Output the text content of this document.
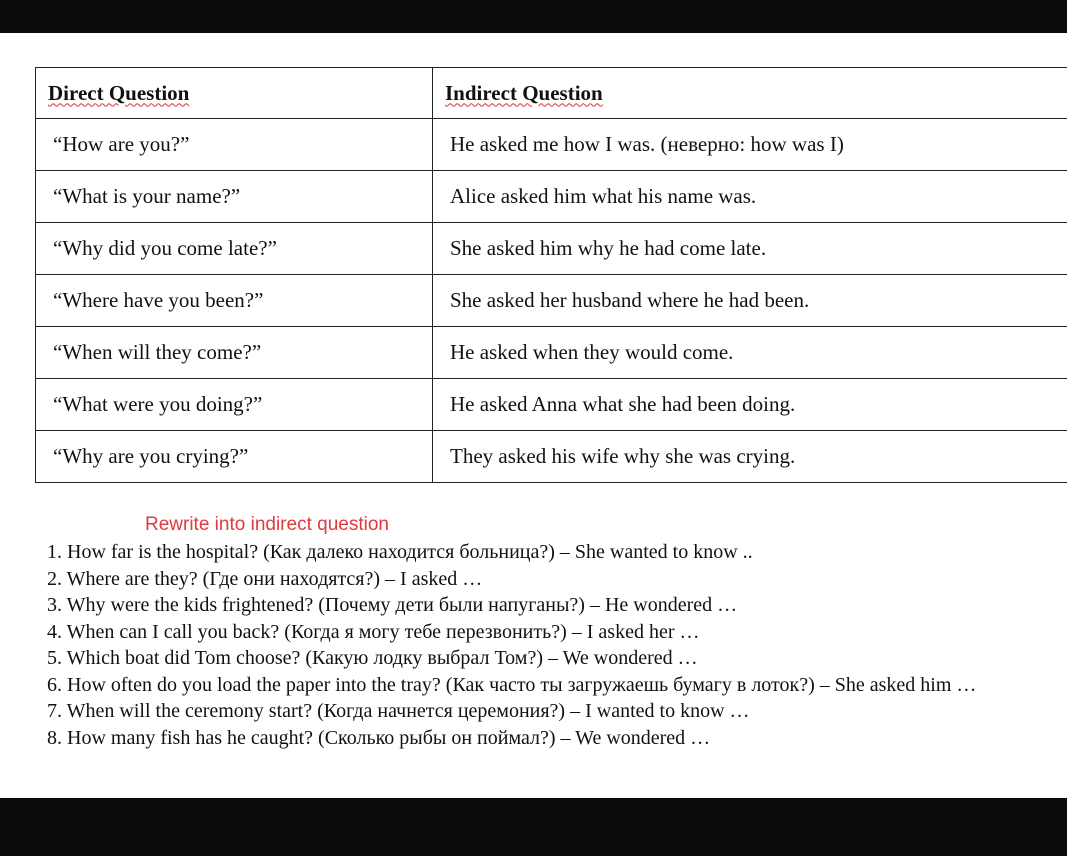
Direct Question	Indirect Question
“How are you?”	He asked me how I was. (неверно: how was I)
“What is your name?”	Alice asked him what his name was.
“Why did you come late?”	She asked him why he had come late.
“Where have you been?”	She asked her husband where he had been.
“When will they come?”	He asked when they would come.
“What were you doing?”	He asked Anna what she had been doing.
“Why are you crying?”	They asked his wife why she was crying.
Rewrite into indirect question
1. How far is the hospital? (Как далеко находится больница?) – She wanted to know ..
2. Where are they? (Где они находятся?) – I asked …
3. Why were the kids frightened? (Почему дети были напуганы?) – He wondered …
4. When can I call you back? (Когда я могу тебе перезвонить?) – I asked her …
5. Which boat did Tom choose? (Какую лодку выбрал Том?) – We wondered …
6. How often do you load the paper into the tray? (Как часто ты загружаешь бумагу в лоток?) – She asked him …
7. When will the ceremony start? (Когда начнется церемония?) – I wanted to know …
8. How many fish has he caught? (Сколько рыбы он поймал?) – We wondered …
